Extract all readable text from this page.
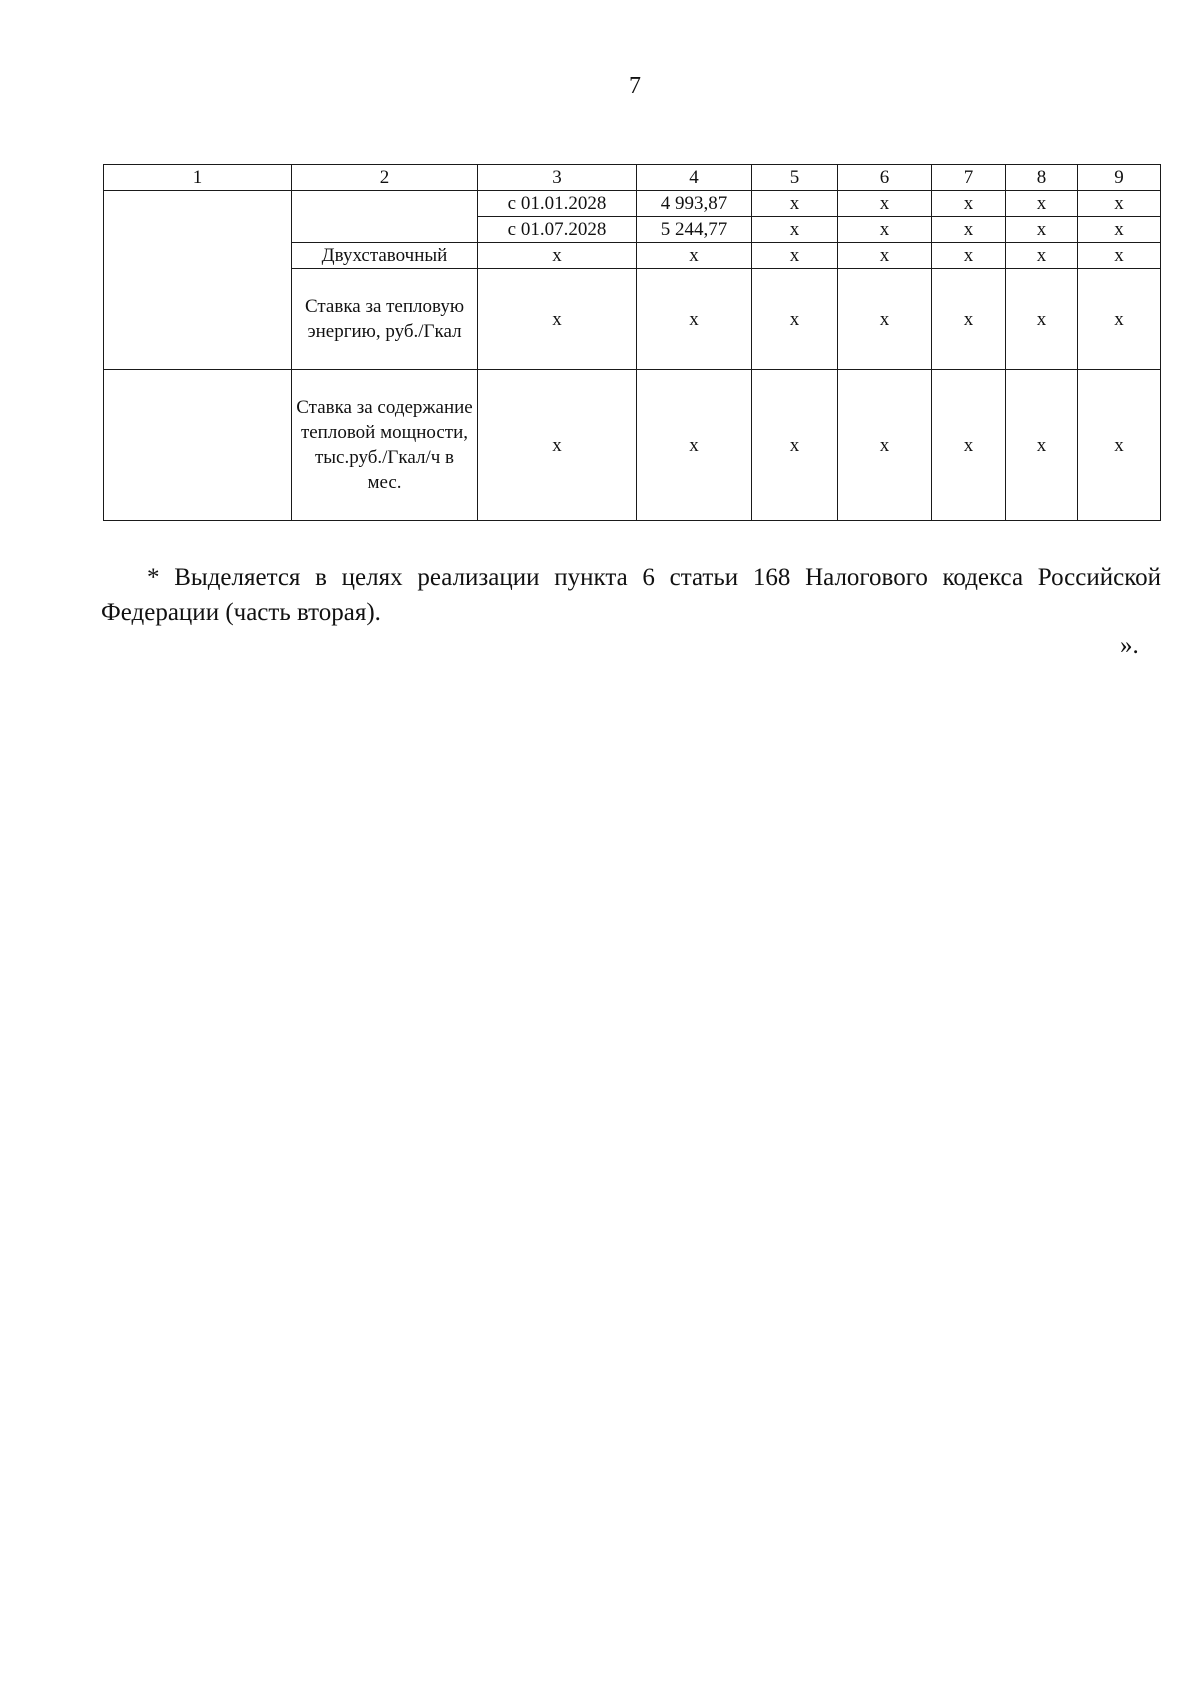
7
1	2	3	4	5	6	7	8	9
		с 01.01.2028	4 993,87	х	х	х	х	х
		с 01.07.2028	5 244,77	х	х	х	х	х
	Двухставочный	х	х	х	х	х	х	х
	Ставка за тепловую энергию, руб./Гкал	х	х	х	х	х	х	х
	Ставка за содержание тепловой мощности, тыс.руб./Гкал/ч в мес.	х	х	х	х	х	х	х
* Выделяется в целях реализации пункта 6 статьи 168 Налогового кодекса Российской Федерации (часть вторая).
».
